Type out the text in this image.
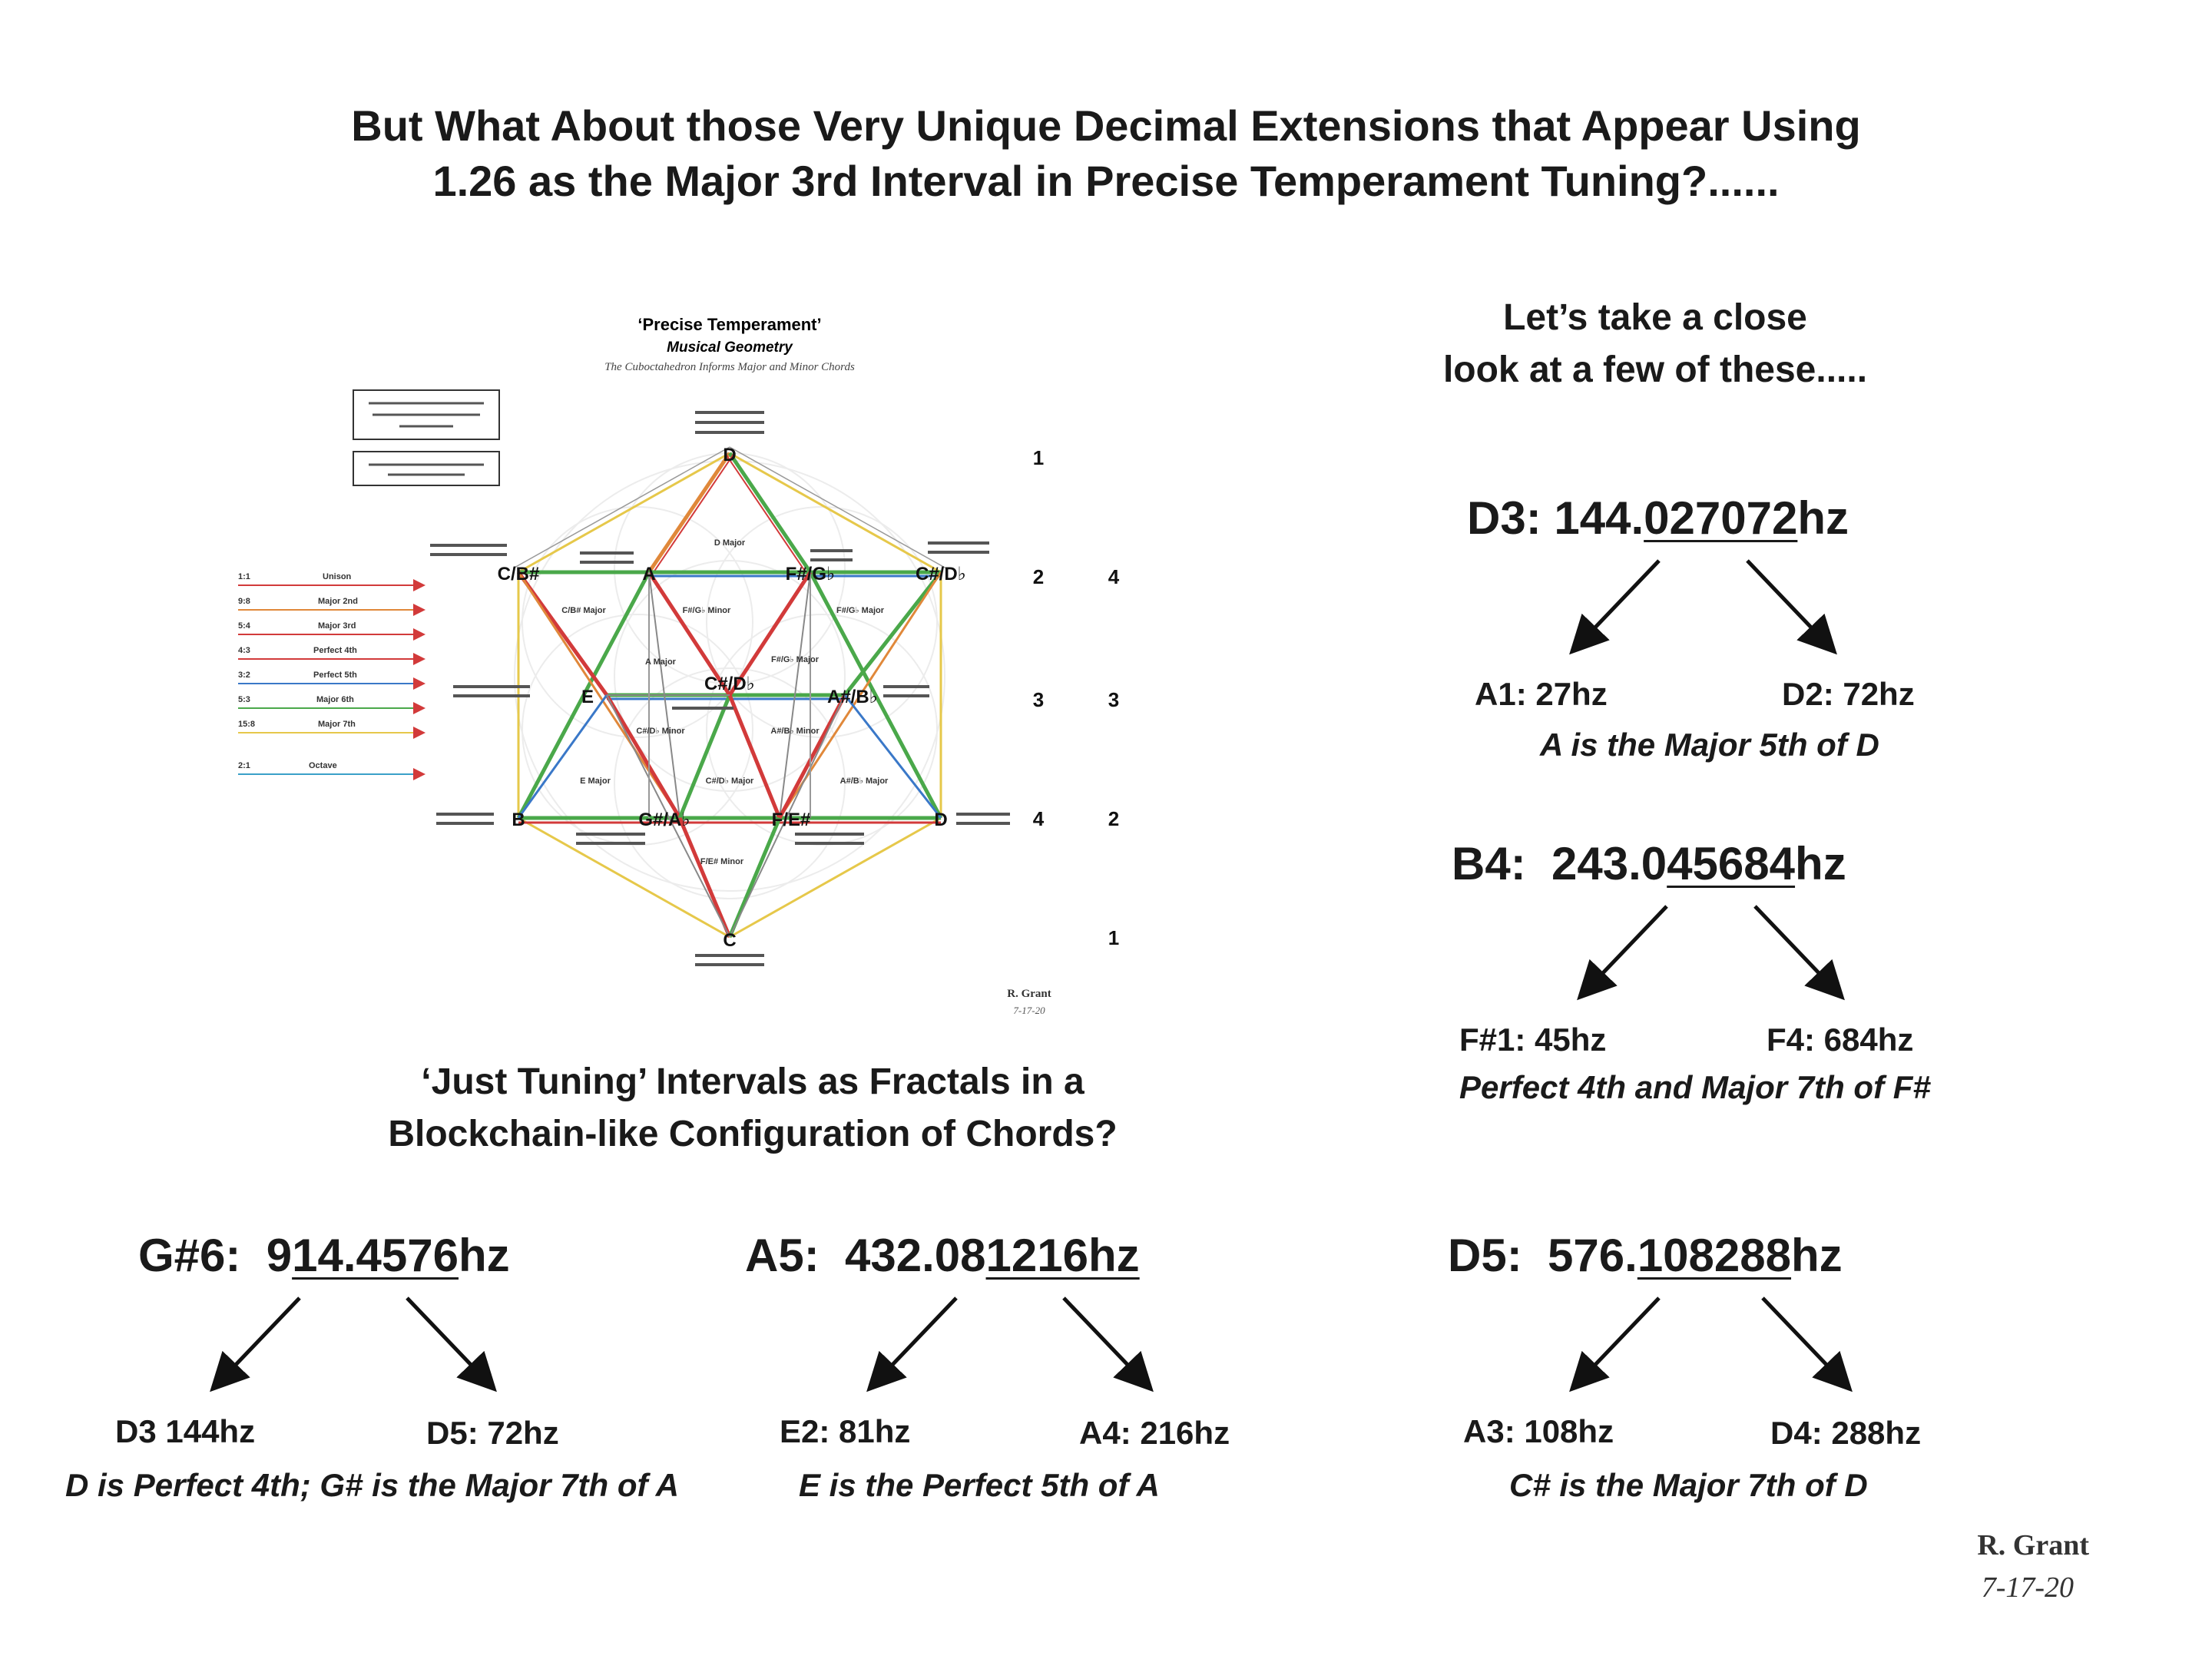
But What About those Very Unique Decimal Extensions that Appear Using
1.26 as the Major 3rd Interval in Precise Temperament Tuning?......
Let’s take a close
look at a few of these.....
‘Precise Temperament’
Musical Geometry
The Cuboctahedron Informs Major and Minor Chords
D Major
C/B# Major	F#/G♭ Minor	F#/G♭ Major
A Major	F#/G♭ Major
C#/D♭ Minor	A#/B♭ Minor
E Major	C#/D♭ Major	A#/B♭ Major
F/E# Minor
D
C/B#	A	F#/G♭	C#/D♭
E
C#/D♭
A#/B♭
B	G#/A♭	F/E#	D
C
1
2
3
4
4
3
2
1
1:1	Unison
9:8	Major 2nd
5:4	Major 3rd
4:3	Perfect 4th
3:2	Perfect 5th
5:3	Major 6th
15:8	Major 7th
2:1	Octave
R. Grant
7-17-20
‘Just Tuning’ Intervals as Fractals in a
Blockchain-like Configuration of Chords?
D3: 144.027072hz
A1: 27hz	D2: 72hz
A is the Major 5th of D
B4: 243.045684hz
F#1: 45hz	F4: 684hz
Perfect 4th and Major 7th of F#
G#6: 914.4576hz
D3 144hz	D5: 72hz
D is Perfect 4th; G# is the Major 7th of A
A5: 432.081216hz
E2: 81hz	A4: 216hz
E is the Perfect 5th of A
D5: 576.108288hz
A3: 108hz	D4: 288hz
C# is the Major 7th of D
R. Grant
7-17-20
